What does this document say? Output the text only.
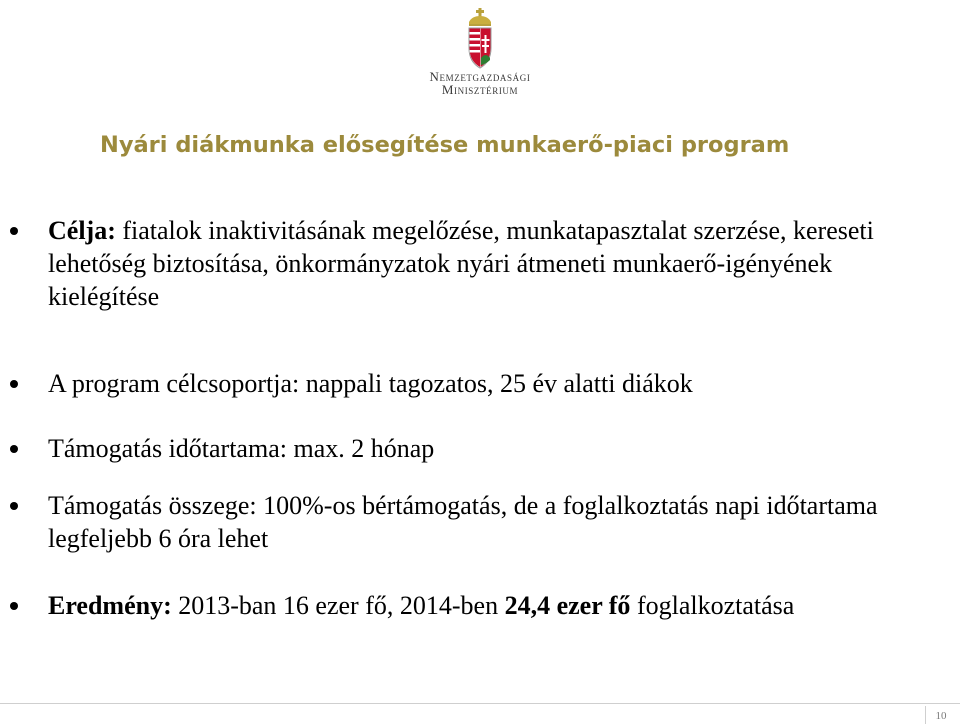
Nemzetgazdasági
Minisztérium
Nyári diákmunka elősegítése munkaerő-piaci program
Célja: fiatalok inaktivitásának megelőzése, munkatapasztalat szerzése, kereseti lehetőség biztosítása, önkormányzatok nyári átmeneti munkaerő-igényének kielégítése
A program célcsoportja: nappali tagozatos, 25 év alatti diákok
Támogatás időtartama: max. 2 hónap
Támogatás összege: 100%-os bértámogatás, de a foglalkoztatás napi időtartama legfeljebb 6 óra lehet
Eredmény: 2013-ban 16 ezer fő, 2014-ben 24,4 ezer fő foglalkoztatása
10
